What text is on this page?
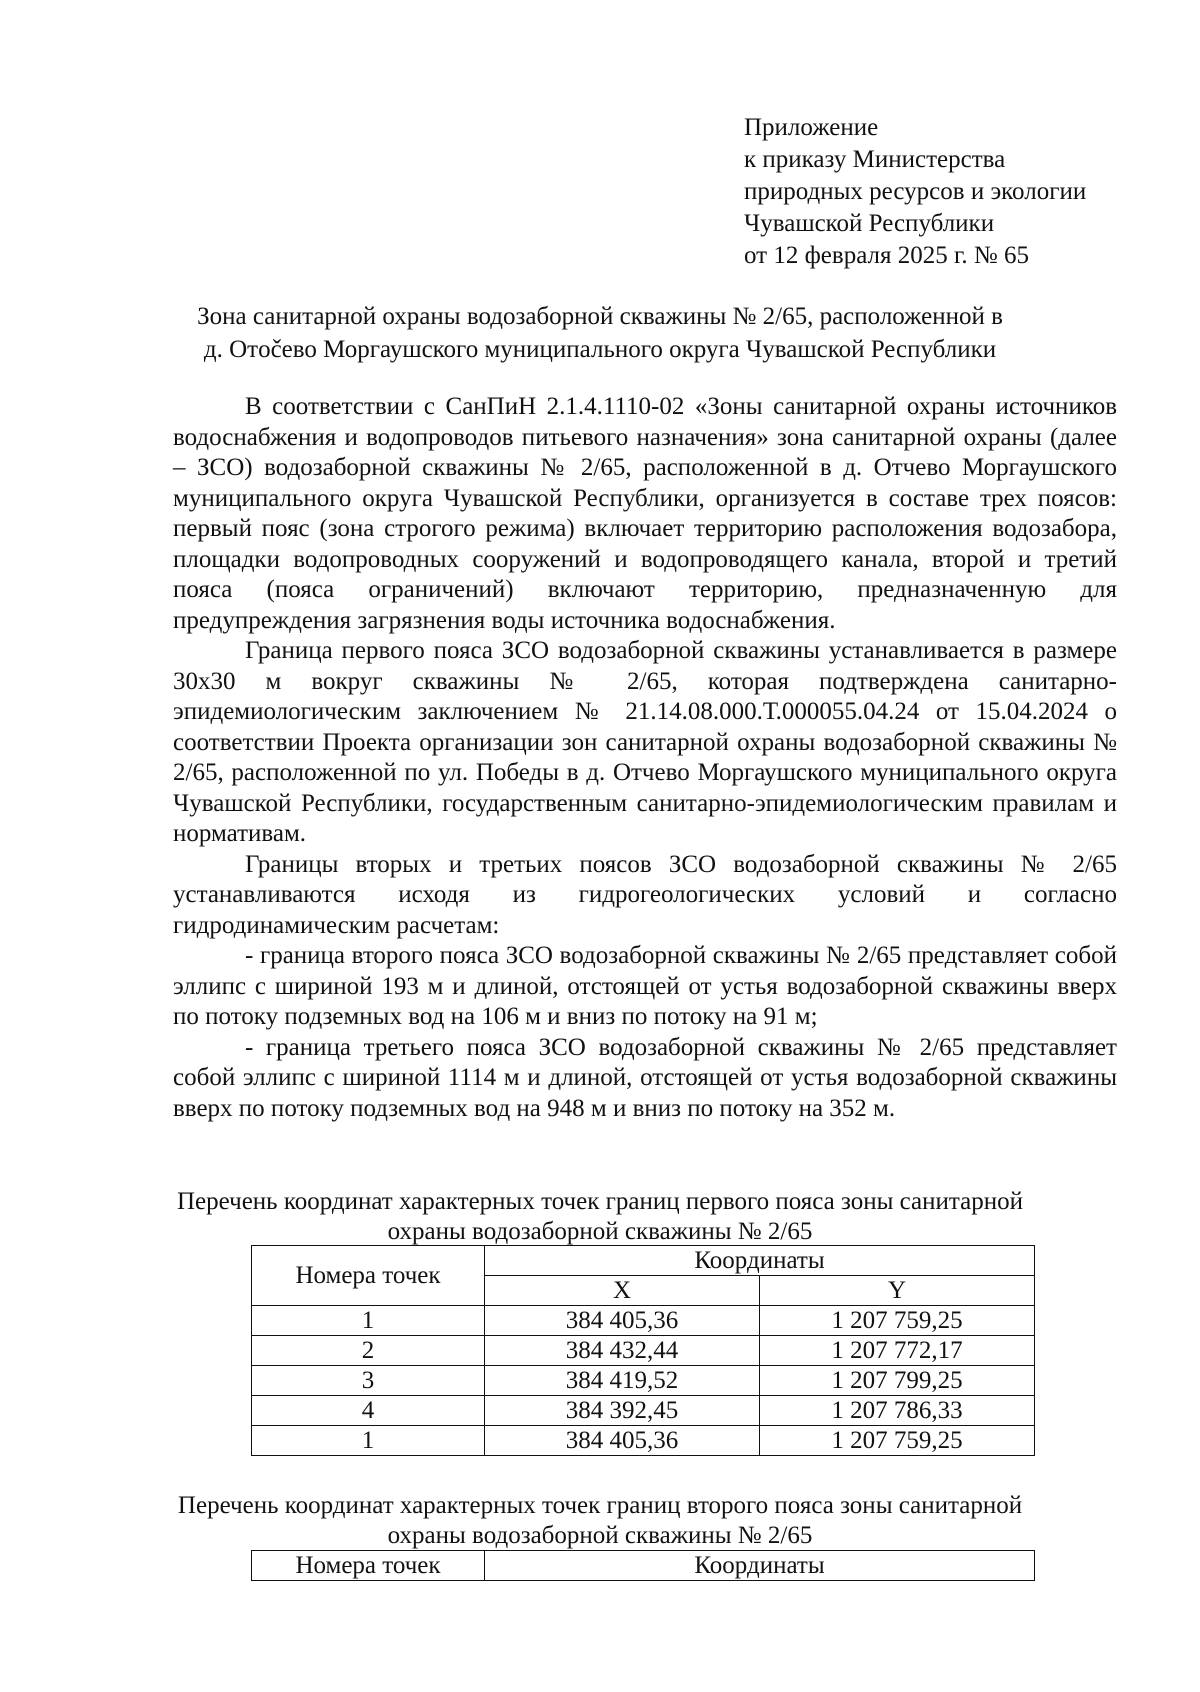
Приложение
к приказу Министерства
природных ресурсов и экологии
Чувашской Республики
от 12 февраля 2025 г. № 65
Зона санитарной охраны водозаборной скважины № 2/65, расположенной в
д. Отočево Моргаушского муниципального округа Чувашской Республики

В соответствии с СанПиН 2.1.4.1110-02 «Зоны санитарной охраны источников водоснабжения и водопроводов питьевого назначения» зона санитарной охраны (далее – ЗСО) водозаборной скважины № 2/65, расположенной в д. Отчево Моргаушского муниципального округа Чувашской Республики, организуется в составе трех поясов: первый пояс (зона строгого режима) включает территорию расположения водозабора, площадки водопроводных сооружений и водопроводящего канала, второй и третий пояса (пояса ограничений) включают территорию, предназначенную для предупреждения загрязнения воды источника водоснабжения.

Граница первого пояса ЗСО водозаборной скважины устанавливается в размере 30x30 м вокруг скважины № 2/65, которая подтверждена санитарно-эпидемиологическим заключением № 21.14.08.000.Т.000055.04.24 от 15.04.2024 о соответствии Проекта организации зон санитарной охраны водозаборной скважины № 2/65, расположенной по ул. Победы в д. Отчево Моргаушского муниципального округа Чувашской Республики, государственным санитарно-эпидемиологическим правилам и нормативам.

Границы вторых и третьих поясов ЗСО водозаборной скважины № 2/65 устанавливаются исходя из гидрогеологических условий и согласно гидродинамическим расчетам:

- граница второго пояса ЗСО водозаборной скважины № 2/65 представляет собой эллипс с шириной 193 м и длиной, отстоящей от устья водозаборной скважины вверх по потоку подземных вод на 106 м и вниз по потоку на 91 м;

- граница третьего пояса ЗСО водозаборной скважины № 2/65 представляет собой эллипс с шириной 1114 м и длиной, отстоящей от устья водозаборной скважины вверх по потоку подземных вод на 948 м и вниз по потоку на 352 м.

Перечень координат характерных точек границ первого пояса зоны санитарной
охраны водозаборной скважины № 2/65
Номера точек	Координаты	
	X	Y
1	384 405,36	1 207 759,25
2	384 432,44	1 207 772,17
3	384 419,52	1 207 799,25
4	384 392,45	1 207 786,33
1	384 405,36	1 207 759,25
Перечень координат характерных точек границ второго пояса зоны санитарной
охраны водозаборной скважины № 2/65
Номера точек	Координаты
